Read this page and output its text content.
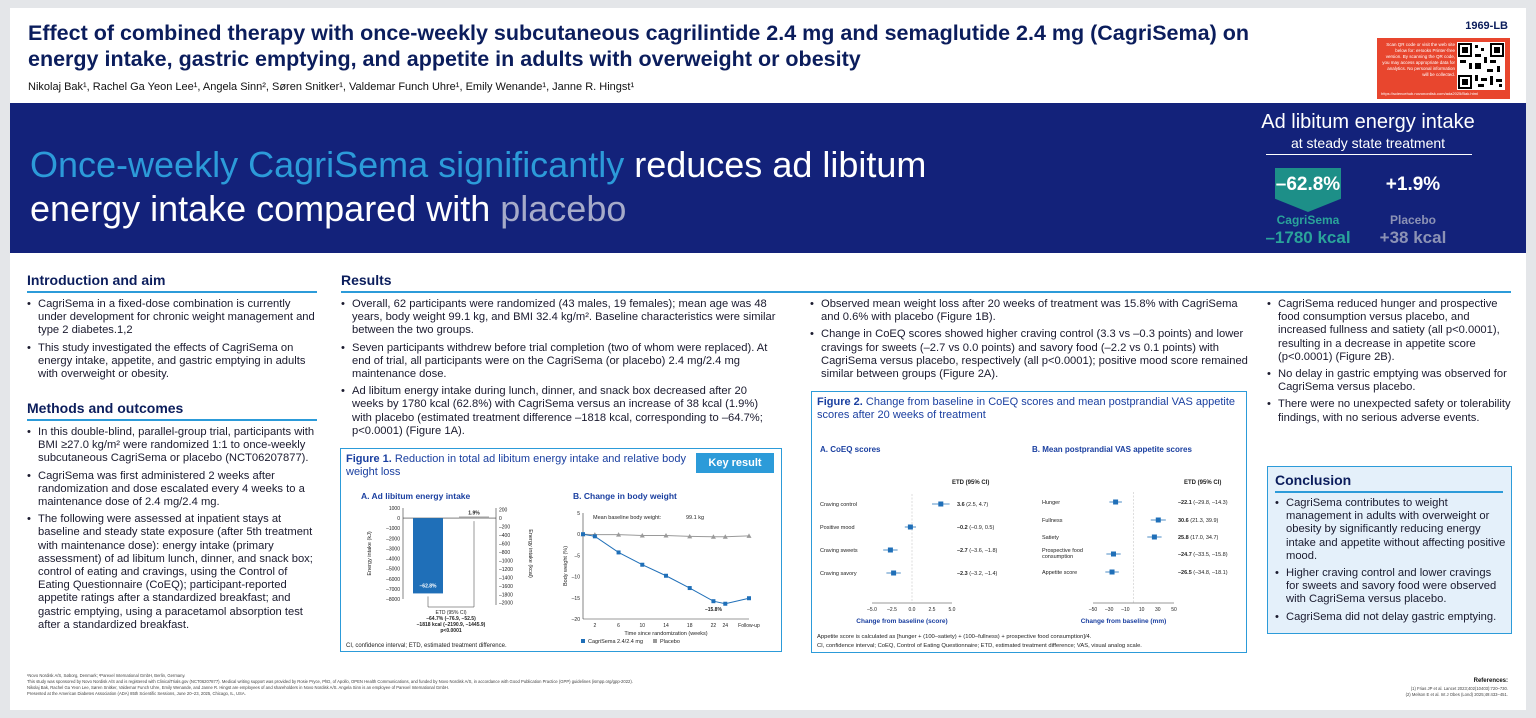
Effect of combined therapy with once-weekly subcutaneous cagrilintide 2.4 mg and semaglutide 2.4 mg (CagriSema) on energy intake, gastric emptying, and appetite in adults with overweight or obesity
Nikolaj Bak¹, Rachel Ga Yeon Lee¹, Angela Sinn², Søren Snitker¹, Valdemar Funch Uhre¹, Emily Wenande¹, Janne R. Hingst¹
1969-LB
Scan QR code or visit the web site below for: eHooks Printer-free version. By scanning the QR code, you may access appropriate data for analytics. No personal information will be collected.
https://sciencehub.novonordisk.com/ada2025/Bak.html
Once-weekly CagriSema significantly reduces ad libitum
energy intake compared with placebo
Ad libitum energy intake
at steady state treatment
–62.8%	+1.9%
CagriSema	Placebo
–1780 kcal	+38 kcal
Introduction and aim
• CagriSema in a fixed-dose combination is currently under development for chronic weight management and type 2 diabetes.1,2
• This study investigated the effects of CagriSema on energy intake, appetite, and gastric emptying in adults with overweight or obesity.
Methods and outcomes
• In this double-blind, parallel-group trial, participants with BMI ≥27.0 kg/m² were randomized 1:1 to once-weekly subcutaneous CagriSema or placebo (NCT06207877).
• CagriSema was first administered 2 weeks after randomization and dose escalated every 4 weeks to a maintenance dose of 2.4 mg/2.4 mg.
• The following were assessed at inpatient stays at baseline and steady state exposure (after 5th treatment with maintenance dose): energy intake (primary assessment) of ad libitum lunch, dinner, and snack box; control of eating and cravings, using the Control of Eating Questionnaire (CoEQ); participant-reported appetite ratings after a standardized breakfast; and gastric emptying, using a paracetamol absorption test after a standardized breakfast.
Results
• Overall, 62 participants were randomized (43 males, 19 females); mean age was 48 years, body weight 99.1 kg, and BMI 32.4 kg/m². Baseline characteristics were similar between the two groups.
• Seven participants withdrew before trial completion (two of whom were replaced). At end of trial, all participants were on the CagriSema (or placebo) 2.4 mg/2.4 mg maintenance dose.
• Ad libitum energy intake during lunch, dinner, and snack box decreased after 20 weeks by 1780 kcal (62.8%) with CagriSema versus an increase of 38 kcal (1.9%) with placebo (estimated treatment difference –1818 kcal, corresponding to –64.7%; p<0.0001) (Figure 1A).
• Observed mean weight loss after 20 weeks of treatment was 15.8% with CagriSema and 0.6% with placebo (Figure 1B).
• Change in CoEQ scores showed higher craving control (3.3 vs –0.3 points) and lower cravings for sweets (–2.7 vs 0.0 points) and savory food (–2.2 vs 0.1 points) with CagriSema versus placebo, respectively (all p<0.0001); positive mood score remained similar between groups (Figure 2A).
• CagriSema reduced hunger and prospective food consumption versus placebo, and increased fullness and satiety (all p<0.0001), resulting in a decrease in appetite score (p<0.0001) (Figure 2B).
• No delay in gastric emptying was observed for CagriSema versus placebo.
• There were no unexpected safety or tolerability findings, with no serious adverse events.
Figure 1. Reduction in total ad libitum energy intake and relative body weight loss
Key result
A. Ad libitum energy intake	B. Change in body weight
1000
0
–1000
–2000
–3000
–4000
–5000
–6000
–7000
–8000
200
0
–200
–400
–600
–800
–1000
–1200
–1400
–1600
–1800
–2000
Energy intake (kJ)	Energy intake (kcal)
–62.8%
1.9%
ETD (95% CI)
–64.7% (–76.9, –52.5)
–1818 kcal (–2190.9, –1445.9)
p<0.0001
5
0
–5
–10
–15
–20
2	6	10	14	18	22 24 Follow-up
Body weight (%)
Time since randomization (weeks)
Mean baseline body weight:	99.1 kg
–15.8%
CagriSema 2.4/2.4 mg	Placebo
CI, confidence interval; ETD, estimated treatment difference.
Figure 2. Change from baseline in CoEQ scores and mean postprandial VAS appetite scores after 20 weeks of treatment
A. CoEQ scores	B. Mean postprandial VAS appetite scores
ETD (95% CI)	ETD (95% CI)
–5.0 –2.5 0.0	2.5	5.0
Change from baseline (score)
Craving control	3.6 (2.5, 4.7)
Positive mood	–0.2 (–0.9, 0.5)
Craving sweets	–2.7 (–3.6, –1.8)
Craving savory	–2.3 (–3.2, –1.4)
–50 –30 –10 10 30 50
Change from baseline (mm)
Hunger	–22.1 (–29.8, –14.3)
Fullness	30.6 (21.3, 39.9)
Satiety	25.8 (17.0, 34.7)
Prospective food
consumption	–24.7 (–33.5, –15.8)
Appetite score	–26.5 (–34.8, –18.1)
Appetite score is calculated as [hunger + (100–satiety) + (100–fullness) + prospective food consumption]/4.
CI, confidence interval; CoEQ, Control of Eating Questionnaire; ETD, estimated treatment difference; VAS, visual analog scale.
Conclusion
• CagriSema contributes to weight management in adults with overweight or obesity by significantly reducing energy intake and appetite without affecting positive mood.
• Higher craving control and lower cravings for sweets and savory food were observed with CagriSema versus placebo.
• CagriSema did not delay gastric emptying.
¹Novo Nordisk A/S, Søborg, Denmark; ²Parexel International GmbH, Berlin, Germany.
This study was sponsored by Novo Nordisk A/S and is registered with ClinicalTrials.gov (NCT06207877). Medical writing support was provided by Rosie Pryce, PhD, of Apollo, OPEN Health Communications, and funded by Novo Nordisk A/S, in accordance with Good Publication Practice (GPP) guidelines (ismpp.org/gpp-2022).
Nikolaj Bak, Rachel Ga Yeon Lee, Søren Snitker, Valdemar Funch Uhre, Emily Wenande, and Janne R. Hingst are employees of and shareholders in Novo Nordisk A/S. Angela Sinn is an employee of Parexel International GmbH.
Presented at the American Diabetes Association (ADA) 85th Scientific Sessions, June 20–23, 2025, Chicago, IL, USA.
References:
(1) Frias JP et al. Lancet 2023;402(10403):720–730.
(2) Melson E et al. Int J Obes (Lond) 2025;49:433–451.
